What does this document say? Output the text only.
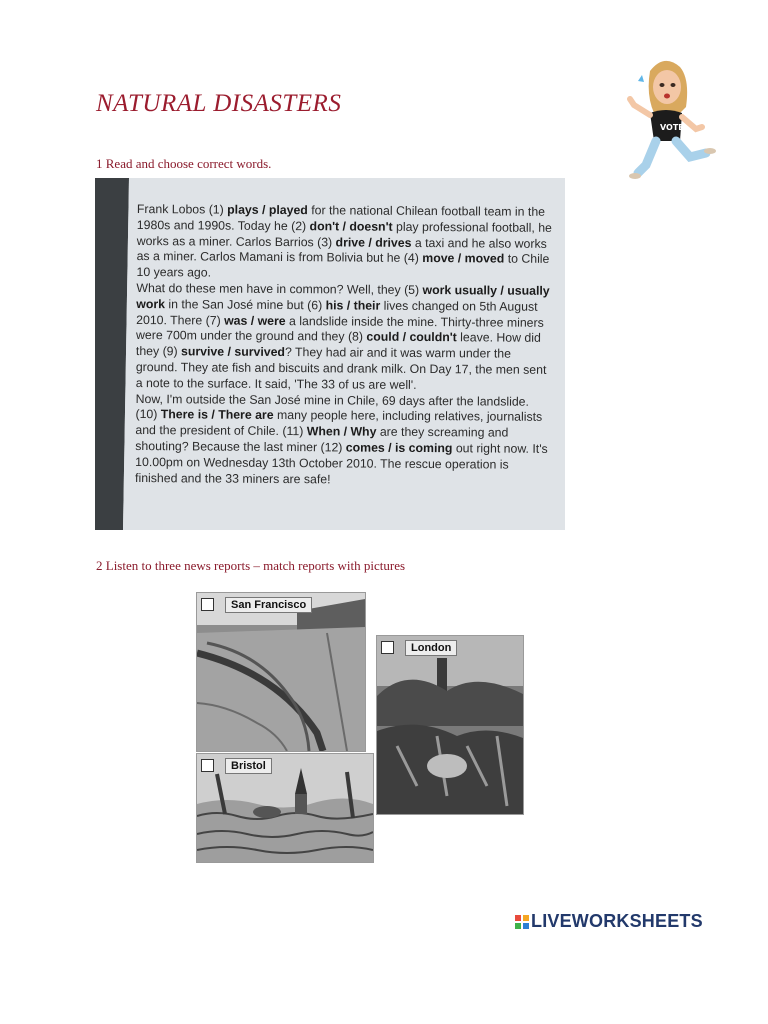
NATURAL DISASTERS
VOTE
1 Read and choose correct words.

Frank Lobos (1) plays / played for the national Chilean football team in the 1980s and 1990s. Today he (2) don't / doesn't play professional football, he works as a miner. Carlos Barrios (3) drive / drives a taxi and he also works as a miner. Carlos Mamani is from Bolivia but he (4) move / moved to Chile 10 years ago.

What do these men have in common? Well, they (5) work usually / usually work in the San José mine but (6) his / their lives changed on 5th August 2010. There (7) was / were a landslide inside the mine. Thirty-three miners were 700m under the ground and they (8) could / couldn't leave. How did they (9) survive / survived? They had air and it was warm under the ground. They ate fish and biscuits and drank milk. On Day 17, the men sent a note to the surface. It said, 'The 33 of us are well'.

Now, I'm outside the San José mine in Chile, 69 days after the landslide. (10) There is / There are many people here, including relatives, journalists and the president of Chile. (11) When / Why are they screaming and shouting? Because the last miner (12) comes / is coming out right now. It's 10.00pm on Wednesday 13th October 2010. The rescue operation is finished and the 33 miners are safe!

2 Listen to three news reports – match reports with pictures
San Francisco
London
Bristol
LIVEWORKSHEETS
